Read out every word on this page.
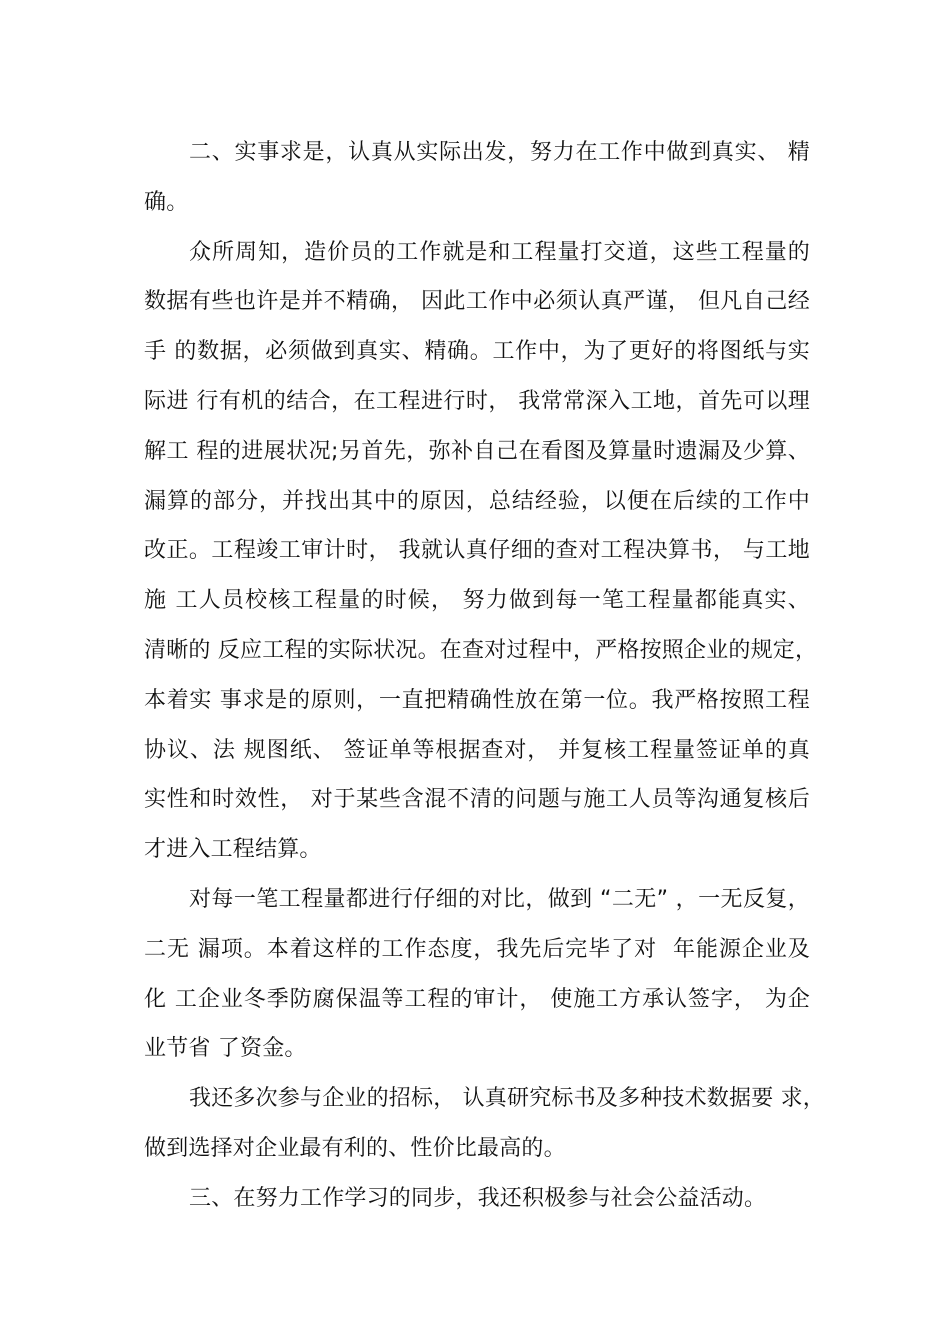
二、实事求是，认真从实际出发，努力在工作中做到真实、 精
确。
众所周知，造价员的工作就是和工程量打交道，这些工程量的
数据有些也许是并不精确， 因此工作中必须认真严谨， 但凡自己经
手 的数据，必须做到真实、精确。工作中，为了更好的将图纸与实
际进 行有机的结合，在工程进行时， 我常常深入工地，首先可以理
解工 程的进展状况;另首先，弥补自己在看图及算量时遗漏及少算、
漏算的部分，并找出其中的原因，总结经验，以便在后续的工作中
改正。工程竣工审计时， 我就认真仔细的查对工程决算书， 与工地
施 工人员校核工程量的时候， 努力做到每一笔工程量都能真实、
清晰的 反应工程的实际状况。在查对过程中，严格按照企业的规定，
本着实 事求是的原则，一直把精确性放在第一位。我严格按照工程
协议、法 规图纸、 签证单等根据查对， 并复核工程量签证单的真
实性和时效性， 对于某些含混不清的问题与施工人员等沟通复核后
才进入工程结算。
对每一笔工程量都进行仔细的对比，做到 “二无” ，一无反复，
二无 漏项。本着这样的工作态度，我先后完毕了对  年能源企业及
化 工企业冬季防腐保温等工程的审计， 使施工方承认签字， 为企
业节省 了资金。
我还多次参与企业的招标， 认真研究标书及多种技术数据要 求，
做到选择对企业最有利的、性价比最高的。
三、在努力工作学习的同步，我还积极参与社会公益活动。
